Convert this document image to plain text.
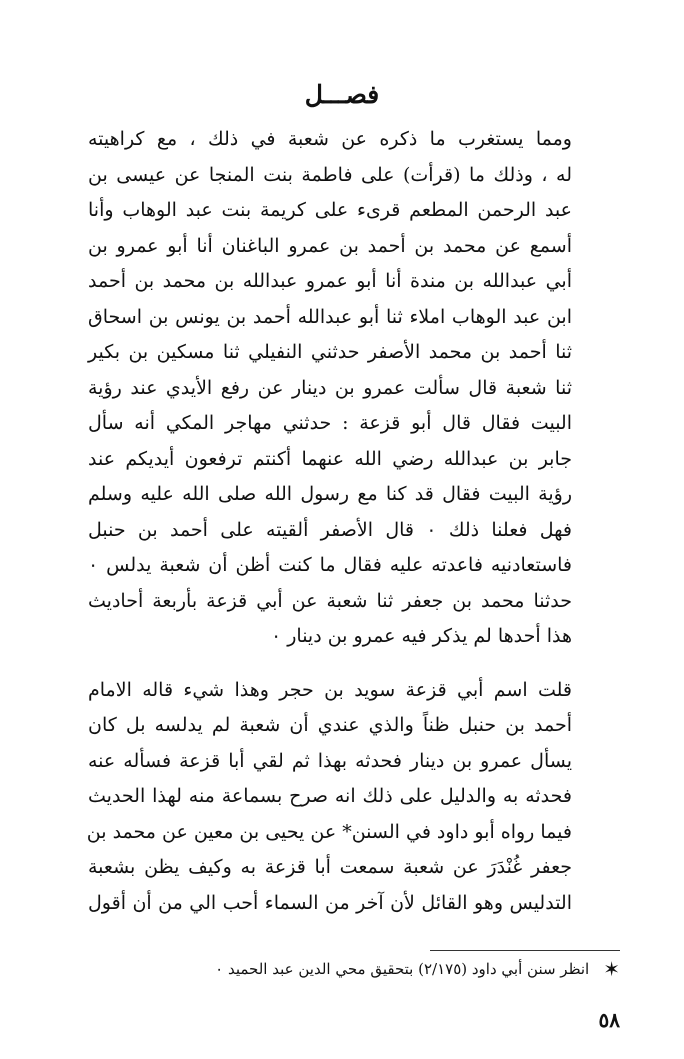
فصـــل

ومما يستغرب ما ذكره عن شعبة في ذلك ، مع كراهيته
له ، وذلك ما (قرأت) على فاطمة بنت المنجا عن عيسى بن
عبد الرحمن المطعم قرىء على كريمة بنت عبد الوهاب وأنا
أسمع عن محمد بن أحمد بن عمرو الباغنان أنا أبو عمرو بن
أبي عبدالله بن مندة أنا أبو عمرو عبدالله بن محمد بن أحمد
ابن عبد الوهاب املاء ثنا أبو عبدالله أحمد بن يونس بن اسحاق
ثنا أحمد بن محمد الأصفر حدثني النفيلي ثنا مسكين بن بكير
ثنا شعبة قال سألت عمرو بن دينار عن رفع الأيدي عند رؤية
البيت فقال قال أبو قزعة : حدثني مهاجر المكي أنه سأل
جابر بن عبدالله رضي الله عنهما أكنتم ترفعون أيديكم عند
رؤية البيت فقال قد كنا مع رسول الله صلى الله عليه وسلم
فهل فعلنا ذلك ٠ قال الأصفر ألقيته على أحمد بن حنبل
فاستعادنيه فاعدته عليه فقال ما كنت أظن أن شعبة يدلس ٠
حدثنا محمد بن جعفر ثنا شعبة عن أبي قزعة بأربعة أحاديث
هذا أحدها لم يذكر فيه عمرو بن دينار ٠

قلت اسم أبي قزعة سويد بن حجر وهذا شيء قاله الامام
أحمد بن حنبل ظناً والذي عندي أن شعبة لم يدلسه بل كان
يسأل عمرو بن دينار فحدثه بهذا ثم لقي أبا قزعة فسأله عنه
فحدثه به والدليل على ذلك انه صرح بسماعة منه لهذا الحديث
فيما رواه أبو داود في السنن* عن يحيى بن معين عن محمد بن
جعفر غُنْدَرَ عن شعبة سمعت أبا قزعة به وكيف يظن بشعبة
التدليس وهو القائل لأن آخر من السماء أحب الي من أن أقول

✶انظر سنن أبي داود (٢/١٧٥) بتحقيق محي الدين عبد الحميد ٠
٥٨
